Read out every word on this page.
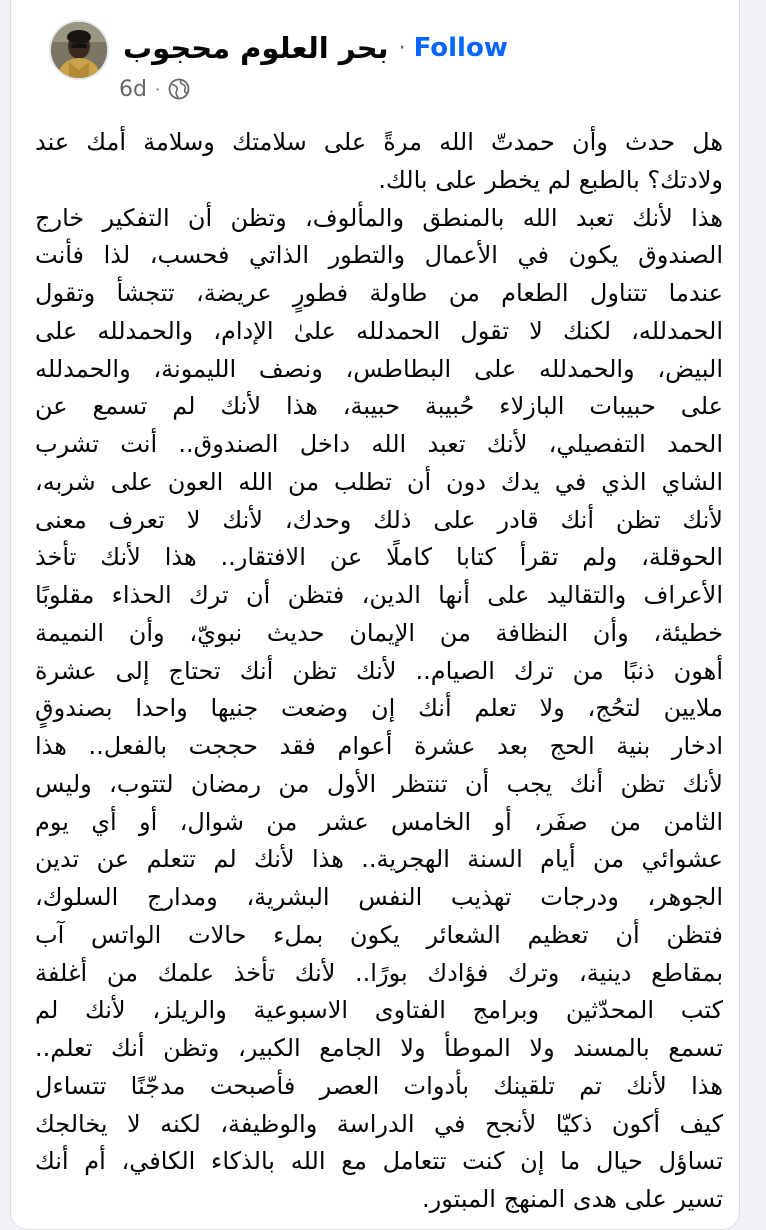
بحر العلوم محجوب · Follow
6d ·
هل حدث وأن حمدتّ الله مرةً على سلامتك وسلامة أمك عند
ولادتك؟ بالطبع لم يخطر على بالك.
هذا لأنك تعبد الله بالمنطق والمألوف، وتظن أن التفكير خارج
الصندوق يكون في الأعمال والتطور الذاتي فحسب، لذا فأنت
عندما تتناول الطعام من طاولة فطورٍ عريضة، تتجشأ وتقول
الحمدلله، لكنك لا تقول الحمدلله علىٰ الإدام، والحمدلله على
البيض، والحمدلله على البطاطس، ونصف الليمونة، والحمدلله
على حبيبات البازلاء حُبيبة حبيبة، هذا لأنك لم تسمع عن
الحمد التفصيلي، لأنك تعبد الله داخل الصندوق.. أنت تشرب
الشاي الذي في يدك دون أن تطلب من الله العون على شربه،
لأنك تظن أنك قادر على ذلك وحدك، لأنك لا تعرف معنى
الحوقلة، ولم تقرأ كتابا كاملًا عن الافتقار.. هذا لأنك تأخذ
الأعراف والتقاليد على أنها الدين، فتظن أن ترك الحذاء مقلوبًا
خطيئة، وأن النظافة من الإيمان حديث نبويّ، وأن النميمة
أهون ذنبًا من ترك الصيام.. لأنك تظن أنك تحتاج إلى عشرة
ملايين لتحُج، ولا تعلم أنك إن وضعت جنيها واحدا بصندوقٍ
ادخار بنية الحج بعد عشرة أعوام فقد حججت بالفعل.. هذا
لأنك تظن أنك يجب أن تنتظر الأول من رمضان لتتوب، وليس
الثامن من صفَر، أو الخامس عشر من شوال، أو أي يوم
عشوائي من أيام السنة الهجرية.. هذا لأنك لم تتعلم عن تدين
الجوهر، ودرجات تهذيب النفس البشرية، ومدارج السلوك،
فتظن أن تعظيم الشعائر يكون بملء حالات الواتس آب
بمقاطع دينية، وترك فؤادك بورًا.. لأنك تأخذ علمك من أغلفة
كتب المحدّثين وبرامج الفتاوى الاسبوعية والريلز، لأنك لم
تسمع بالمسند ولا الموطأ ولا الجامع الكبير، وتظن أنك تعلم..
هذا لأنك تم تلقينك بأدوات العصر فأصبحت مدجّنًا تتساءل
كيف أكون ذكيّا لأنجح في الدراسة والوظيفة، لكنه لا يخالجك
تساؤل حيال ما إن كنت تتعامل مع الله بالذكاء الكافي، أم أنك
تسير على هدى المنهج المبتور.
